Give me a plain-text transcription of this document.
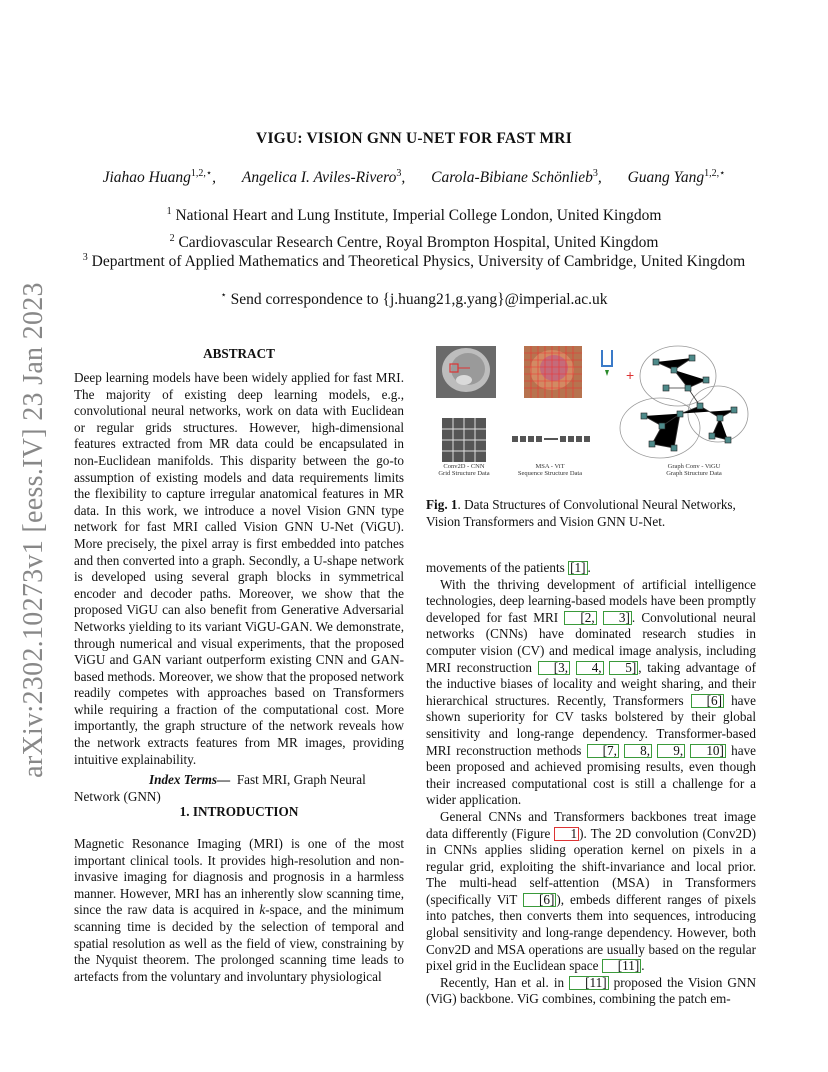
arXiv:2302.10273v1 [eess.IV] 23 Jan 2023
VIGU: VISION GNN U-NET FOR FAST MRI
Jiahao Huang$^{1,2,⋆}$, Angelica I. Aviles-Rivero$^3$, Carola-Bibiane Schönlieb$^3$, Guang Yang$^{1,2,⋆}$
$^1$ National Heart and Lung Institute, Imperial College London, United Kingdom
$^2$ Cardiovascular Research Centre, Royal Brompton Hospital, United Kingdom
$^3$ Department of Applied Mathematics and Theoretical Physics, University of Cambridge, United Kingdom
⋆ Send correspondence to {j.huang21,g.yang}@imperial.ac.uk
ABSTRACT

Deep learning models have been widely applied for fast MRI. The majority of existing deep learning models, e.g., convolutional neural networks, work on data with Euclidean or regular grids structures. However, high-dimensional features extracted from MR data could be encapsulated in non-Euclidean manifolds. This disparity between the go-to assumption of existing models and data requirements limits the flexibility to capture irregular anatomical features in MR data. In this work, we introduce a novel Vision GNN type network for fast MRI called Vision GNN U-Net (ViGU). More precisely, the pixel array is first embedded into patches and then converted into a graph. Secondly, a U-shape network is developed using several graph blocks in symmetrical encoder and decoder paths. Moreover, we show that the proposed ViGU can also benefit from Generative Adversarial Networks yielding to its variant ViGU-GAN. We demonstrate, through numerical and visual experiments, that the proposed ViGU and GAN variant outperform existing CNN and GAN-based methods. Moreover, we show that the proposed network readily competes with approaches based on Transformers while requiring a fraction of the computational cost. More importantly, the graph structure of the network reveals how the network extracts features from MR images, providing intuitive explainability.

Index Terms— Fast MRI, Graph Neural Network (GNN)

1. INTRODUCTION

Magnetic Resonance Imaging (MRI) is one of the most important clinical tools. It provides high-resolution and non-invasive imaging for diagnosis and prognosis in a harmless manner. However, MRI has an inherently slow scanning time, since the raw data is acquired in k-space, and the minimum scanning time is decided by the selection of temporal and spatial resolution as well as the field of view, constraining by the Nyquist theorem. The prolonged scanning time leads to artefacts from the voluntary and involuntary physiological

Conv2D - CNN
Grid Structure Data
MSA - ViT
Sequence Structure Data
+
Graph Conv - ViGU
Graph Structure Data
Fig. 1. Data Structures of Convolutional Neural Networks, Vision Transformers and Vision GNN U-Net.

movements of the patients [1] .

With the thriving development of artificial intelligence technologies, deep learning-based models have been promptly developed for fast MRI [2, 3] . Convolutional neural networks (CNNs) have dominated research studies in computer vision (CV) and medical image analysis, including MRI reconstruction [3, 4, 5] , taking advantage of the inductive biases of locality and weight sharing, and their hierarchical structures. Recently, Transformers [6] have shown superiority for CV tasks bolstered by their global sensitivity and long-range dependency. Transformer-based MRI reconstruction methods [7, 8, 9, 10] have been proposed and achieved promising results, even though their increased computational cost is still a challenge for a wider application.

General CNNs and Transformers backbones treat image data differently (Figure 1 ). The 2D convolution (Conv2D) in CNNs applies sliding operation kernel on pixels in a regular grid, exploiting the shift-invariance and local prior. The multi-head self-attention (MSA) in Transformers (specifically ViT [6] ), embeds different ranges of pixels into patches, then converts them into sequences, introducing global sensitivity and long-range dependency. However, both Conv2D and MSA operations are usually based on the regular pixel grid in the Euclidean space [11] .

Recently, Han et al. in [11] proposed the Vision GNN (ViG) backbone. ViG combines, combining the patch em-
